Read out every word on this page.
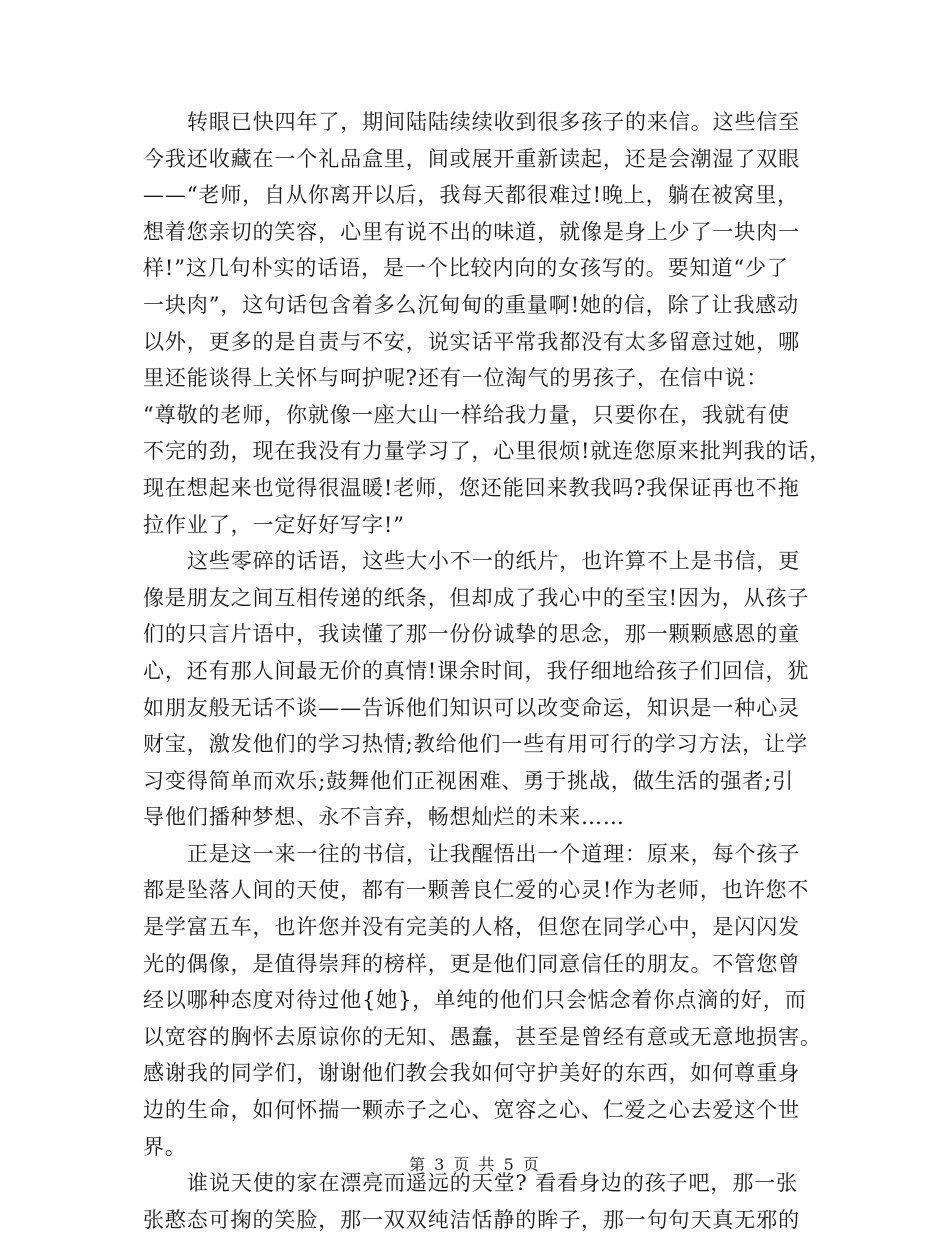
转眼已快四年了，期间陆陆续续收到很多孩子的来信。这些信至
今我还收藏在一个礼品盒里，间或展开重新读起，还是会潮湿了双眼
——“老师，自从你离开以后，我每天都很难过!晚上，躺在被窝里，
想着您亲切的笑容，心里有说不出的味道，就像是身上少了一块肉一
样!”这几句朴实的话语，是一个比较内向的女孩写的。要知道“少了
一块肉”，这句话包含着多么沉甸甸的重量啊!她的信，除了让我感动
以外，更多的是自责与不安，说实话平常我都没有太多留意过她，哪
里还能谈得上关怀与呵护呢?还有一位淘气的男孩子，在信中说：
“尊敬的老师，你就像一座大山一样给我力量，只要你在，我就有使
不完的劲，现在我没有力量学习了，心里很烦!就连您原来批判我的话，
现在想起来也觉得很温暖!老师，您还能回来教我吗?我保证再也不拖
拉作业了，一定好好写字!”
这些零碎的话语，这些大小不一的纸片，也许算不上是书信，更
像是朋友之间互相传递的纸条，但却成了我心中的至宝!因为，从孩子
们的只言片语中，我读懂了那一份份诚挚的思念，那一颗颗感恩的童
心，还有那人间最无价的真情!课余时间，我仔细地给孩子们回信，犹
如朋友般无话不谈——告诉他们知识可以改变命运，知识是一种心灵
财宝，激发他们的学习热情;教给他们一些有用可行的学习方法，让学
习变得简单而欢乐;鼓舞他们正视困难、勇于挑战，做生活的强者;引
导他们播种梦想、永不言弃，畅想灿烂的未来……
正是这一来一往的书信，让我醒悟出一个道理：原来，每个孩子
都是坠落人间的天使，都有一颗善良仁爱的心灵!作为老师，也许您不
是学富五车，也许您并没有完美的人格，但您在同学心中，是闪闪发
光的偶像，是值得崇拜的榜样，更是他们同意信任的朋友。不管您曾
经以哪种态度对待过他{她}，单纯的他们只会惦念着你点滴的好，而
以宽容的胸怀去原谅你的无知、愚蠢，甚至是曾经有意或无意地损害。
感谢我的同学们，谢谢他们教会我如何守护美好的东西，如何尊重身
边的生命，如何怀揣一颗赤子之心、宽容之心、仁爱之心去爱这个世
界。
谁说天使的家在漂亮而遥远的天堂? 看看身边的孩子吧，那一张
张憨态可掬的笑脸，那一双双纯洁恬静的眸子，那一句句天真无邪的
第 3 页 共 5 页
